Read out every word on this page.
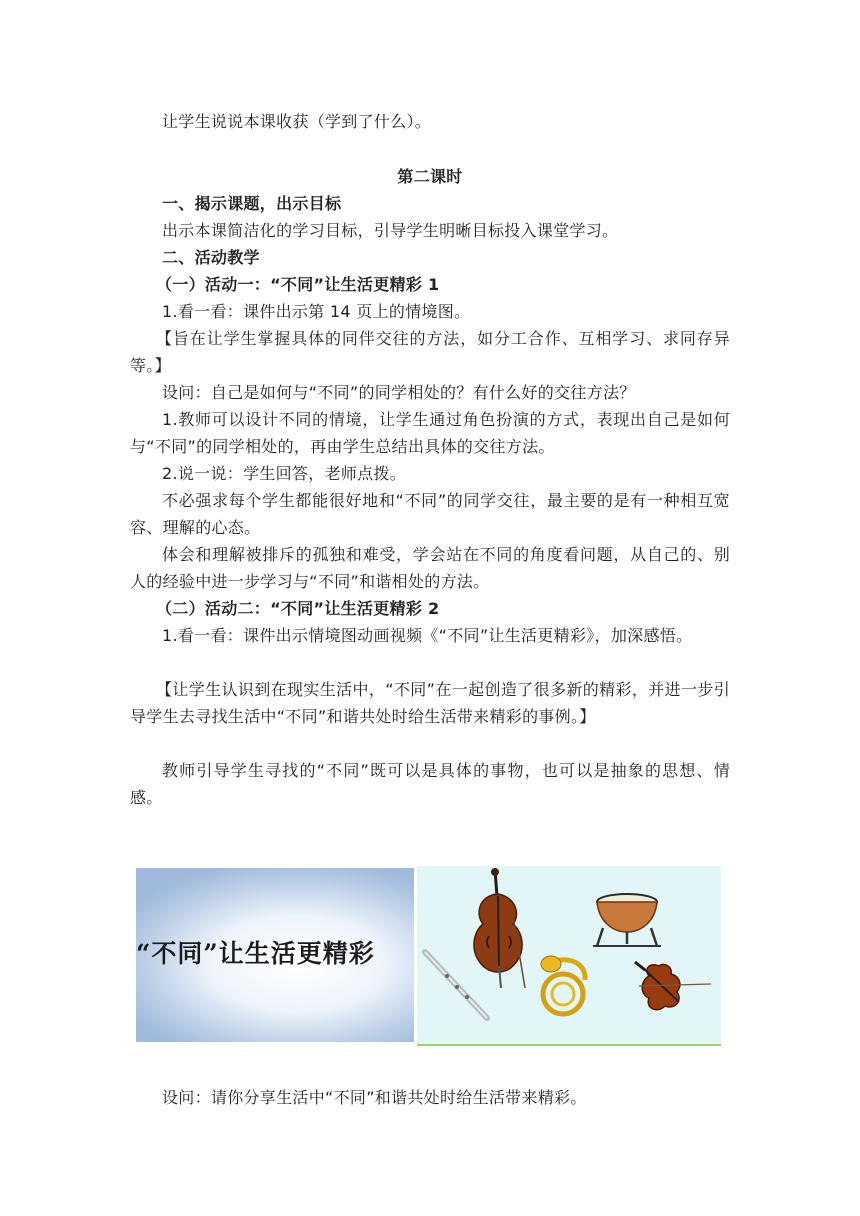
让学生说说本课收获（学到了什么）。

第二课时

一、揭示课题，出示目标

出示本课简洁化的学习目标，引导学生明晰目标投入课堂学习。

二、活动教学

（一）活动一：“不同”让生活更精彩 1

1.看一看：课件出示第 14 页上的情境图。

【旨在让学生掌握具体的同伴交往的方法，如分工合作、互相学习、求同存异等。】

设问：自己是如何与“不同”的同学相处的？有什么好的交往方法？

1.教师可以设计不同的情境，让学生通过角色扮演的方式，表现出自己是如何与“不同”的同学相处的，再由学生总结出具体的交往方法。

2.说一说：学生回答，老师点拨。

不必强求每个学生都能很好地和“不同”的同学交往，最主要的是有一种相互宽容、理解的心态。

体会和理解被排斥的孤独和难受，学会站在不同的角度看问题，从自己的、别人的经验中进一步学习与“不同”和谐相处的方法。

（二）活动二：“不同”让生活更精彩 2

1.看一看：课件出示情境图动画视频《“不同”让生活更精彩》，加深感悟。

【让学生认识到在现实生活中，“不同”在一起创造了很多新的精彩，并进一步引导学生去寻找生活中“不同”和谐共处时给生活带来精彩的事例。】

教师引导学生寻找的“不同”既可以是具体的事物，也可以是抽象的思想、情感。

“不同”让生活更精彩

设问：请你分享生活中“不同”和谐共处时给生活带来精彩。
